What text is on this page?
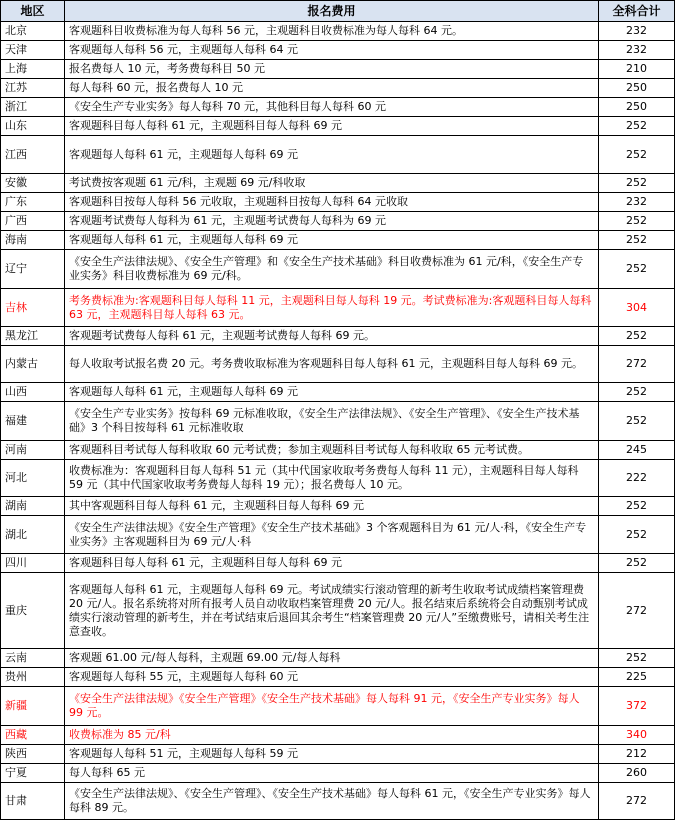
地区	报名费用	全科合计
北京	客观题科目收费标准为每人每科 56 元，主观题科目收费标准为每人每科 64 元。	232
天津	客观题每人每科 56 元，主观题每人每科 64 元	232
上海	报名费每人 10 元，考务费每科目 50 元	210
江苏	每人每科 60 元，报名费每人 10 元	250
浙江	《安全生产专业实务》每人每科 70 元，其他科目每人每科 60 元	250
山东	客观题科目每人每科 61 元，主观题科目每人每科 69 元	252
江西	客观题每人每科 61 元，主观题每人每科 69 元	252
安徽	考试费按客观题 61 元/科，主观题 69 元/科收取	252
广东	客观题科目按每人每科 56 元收取，主观题科目按每人每科 64 元收取	232
广西	客观题考试费每人每科为 61 元，主观题考试费每人每科为 69 元	252
海南	客观题每人每科 61 元，主观题每人每科 69 元	252
辽宁	《安全生产法律法规》、《安全生产管理》和《安全生产技术基础》科目收费标准为 61 元/科，《安全生产专业实务》科目收费标准为 69 元/科。	252
吉林	考务费标准为:客观题科目每人每科 11 元，主观题科目每人每科 19 元。考试费标准为:客观题科目每人每科 63 元，主观题科目每人每科 63 元。	304
黑龙江	客观题考试费每人每科 61 元，主观题考试费每人每科 69 元。	252
内蒙古	每人收取考试报名费 20 元。考务费收取标准为客观题科目每人每科 61 元，主观题科目每人每科 69 元。	272
山西	客观题每人每科 61 元，主观题每人每科 69 元	252
福建	《安全生产专业实务》按每科 69 元标准收取，《安全生产法律法规》、《安全生产管理》、《安全生产技术基础》3 个科目按每科 61 元标准收取	252
河南	客观题科目考试每人每科收取 60 元考试费；参加主观题科目考试每人每科收取 65 元考试费。	245
河北	收费标准为：客观题科目每人每科 51 元（其中代国家收取考务费每人每科 11 元），主观题科目每人每科 59 元（其中代国家收取考务费每人每科 19 元）；报名费每人 10 元。	222
湖南	其中客观题科目每人每科 61 元，主观题科目每人每科 69 元	252
湖北	《安全生产法律法规》《安全生产管理》《安全生产技术基础》3 个客观题科目为 61 元/人·科，《安全生产专业实务》主客观题科目为 69 元/人·科	252
四川	客观题科目每人每科 61 元，主观题科目每人每科 69 元	252
重庆	客观题每人每科 61 元，主观题每人每科 69 元。考试成绩实行滚动管理的新考生收取考试成绩档案管理费 20 元/人。报名系统将对所有报考人员自动收取档案管理费 20 元/人。报名结束后系统将会自动甄别考试成绩实行滚动管理的新考生，并在考试结束后退回其余考生“档案管理费 20 元/人”至缴费账号，请相关考生注意查收。	272
云南	客观题 61.00 元/每人每科，主观题 69.00 元/每人每科	252
贵州	客观题每人每科 55 元，主观题每人每科 60 元	225
新疆	《安全生产法律法规》《安全生产管理》《安全生产技术基础》每人每科 91 元，《安全生产专业实务》每人 99 元。	372
西藏	收费标准为 85 元/科	340
陕西	客观题每人每科 51 元，主观题每人每科 59 元	212
宁夏	每人每科 65 元	260
甘肃	《安全生产法律法规》、《安全生产管理》、《安全生产技术基础》每人每科 61 元，《安全生产专业实务》每人每科 89 元。	272
